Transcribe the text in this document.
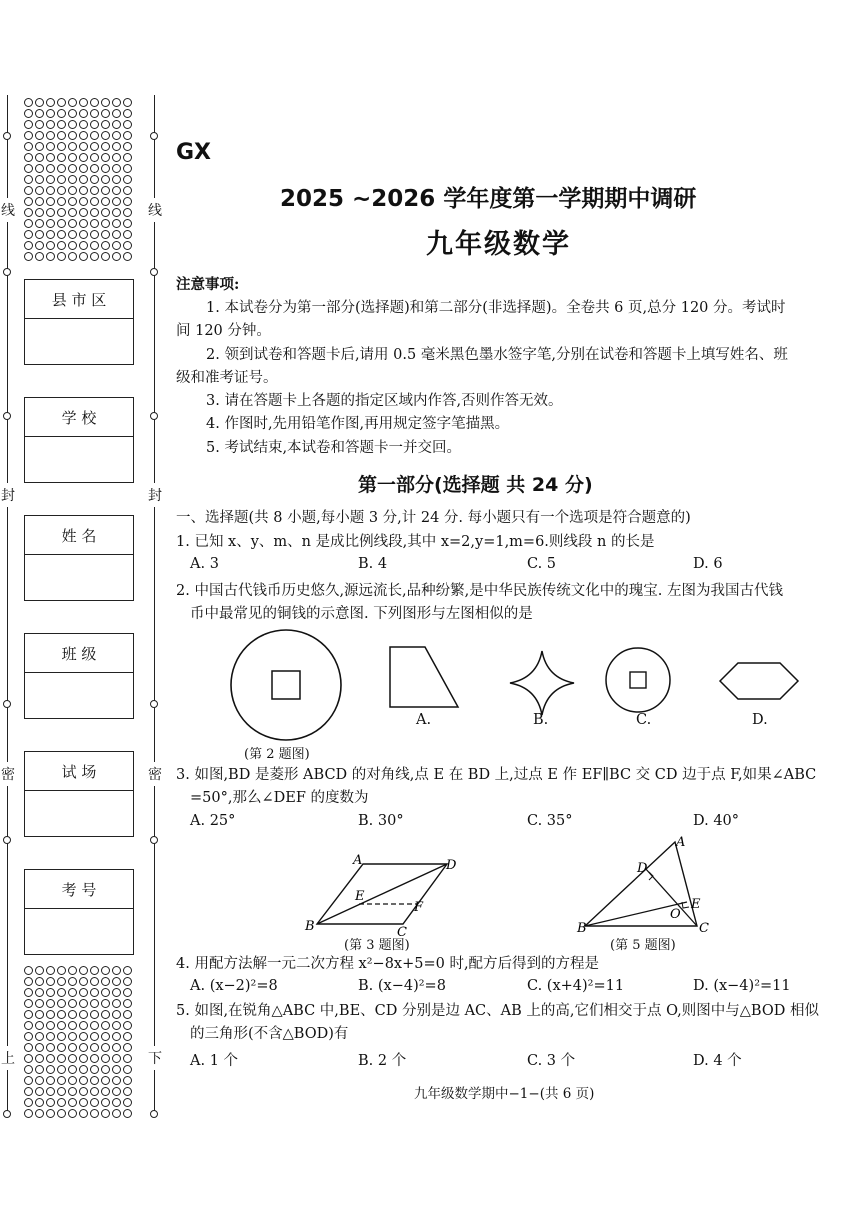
线	线
封	封
密	密
上	下
县 市 区
学 校
姓 名
班 级
试 场
考 号
GX
2025 ~2026 学年度第一学期期中调研
九年级数学
注意事项:
1. 本试卷分为第一部分(选择题)和第二部分(非选择题)。全卷共 6 页,总分 120 分。考试时
间 120 分钟。
2. 领到试卷和答题卡后,请用 0.5 毫米黑色墨水签字笔,分别在试卷和答题卡上填写姓名、班
级和准考证号。
3. 请在答题卡上各题的指定区域内作答,否则作答无效。
4. 作图时,先用铅笔作图,再用规定签字笔描黑。
5. 考试结束,本试卷和答题卡一并交回。
第一部分(选择题 共 24 分)
一、选择题(共 8 小题,每小题 3 分,计 24 分. 每小题只有一个选项是符合题意的)
1. 已知 x、y、m、n 是成比例线段,其中 x=2,y=1,m=6.则线段 n 的长是
A. 3	B. 4	C. 5	D. 6
2. 中国古代钱币历史悠久,源远流长,品种纷繁,是中华民族传统文化中的瑰宝. 左图为我国古代钱
币中最常见的铜钱的示意图. 下列图形与左图相似的是
A.	B.	C.	D.
(第 2 题图)
3. 如图,BD 是菱形 ABCD 的对角线,点 E 在 BD 上,过点 E 作 EF∥BC 交 CD 边于点 F,如果∠ABC
=50°,那么∠DEF 的度数为
A. 25°	B. 30°	C. 35°	D. 40°
A	D
E
F
B	C
(第 3 题图)
A
D
E
O
B	C
(第 5 题图)
4. 用配方法解一元二次方程 x²−8x+5=0 时,配方后得到的方程是
A. (x−2)²=8	B. (x−4)²=8	C. (x+4)²=11	D. (x−4)²=11
5. 如图,在锐角△ABC 中,BE、CD 分别是边 AC、AB 上的高,它们相交于点 O,则图中与△BOD 相似
的三角形(不含△BOD)有
A. 1 个	B. 2 个	C. 3 个	D. 4 个
九年级数学期中−1−(共 6 页)
